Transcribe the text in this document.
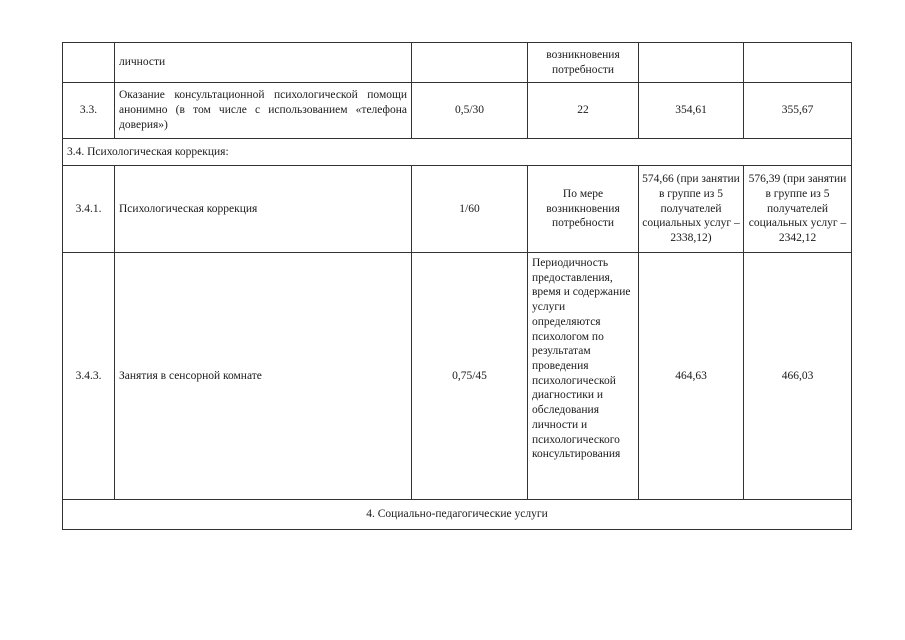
	личности		возникновения потребности		
3.3.	Оказание консультационной психологической помощи анонимно (в том числе с использованием «телефона доверия»)	0,5/30	22	354,61	355,67
3.4. Психологическая коррекция:					
3.4.1.	Психологическая коррекция	1/60	По мере возникновения потребности	574,66 (при занятии в группе из 5 получателей социальных услуг – 2338,12)	576,39 (при занятии в группе из 5 получателей социальных услуг – 2342,12
3.4.3.	Занятия в сенсорной комнате	0,75/45	Периодичность предоставления, время и содержание услуги определяются психологом по результатам проведения психологической диагностики и обследования личности и психологического консультирования	464,63	466,03
4. Социально-педагогические услуги					
